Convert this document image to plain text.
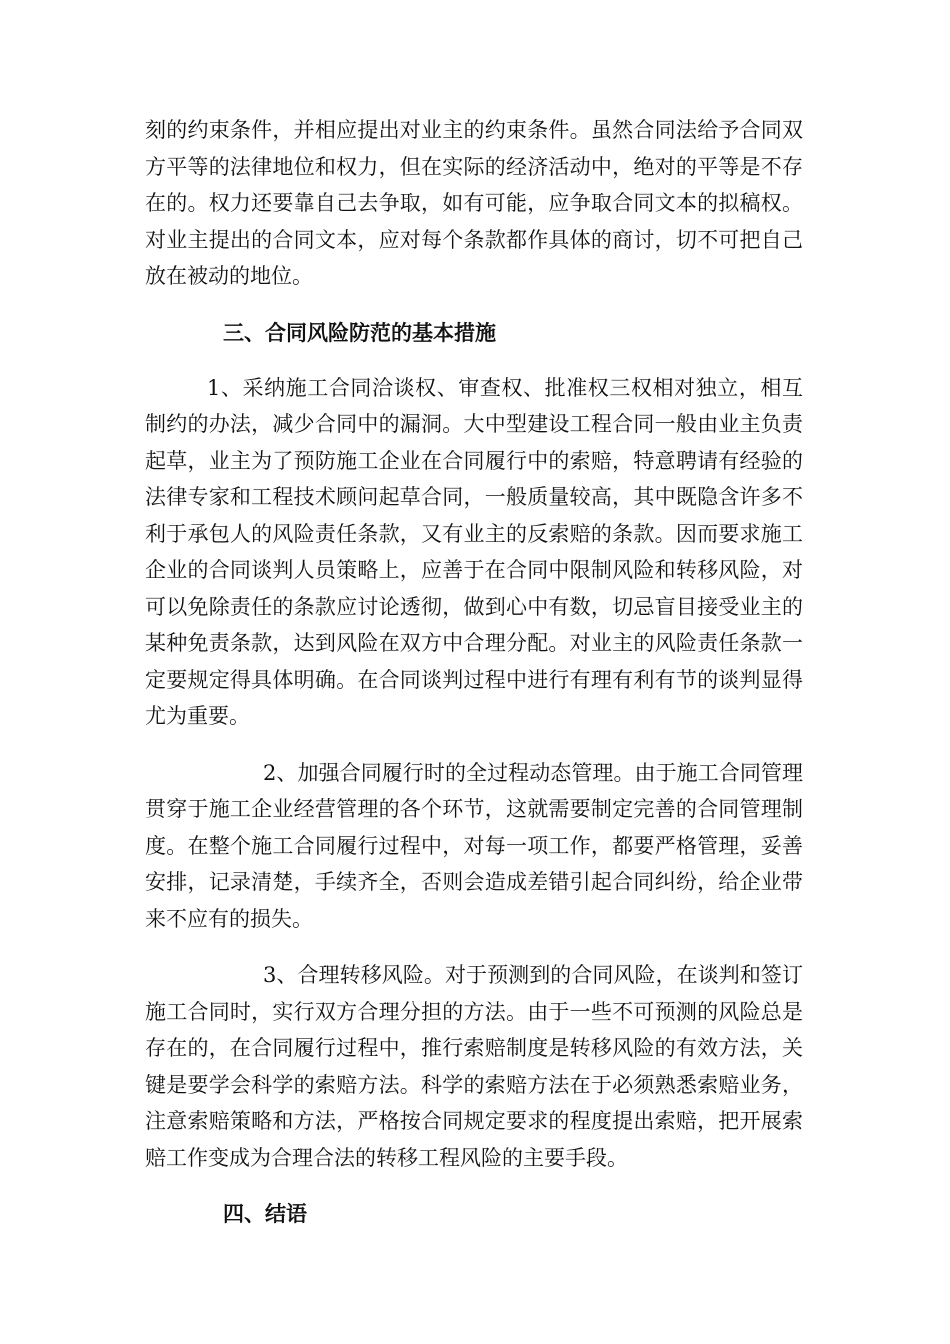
刻的约束条件，并相应提出对业主的约束条件。虽然合同法给予合同双方平等的法律地位和权力，但在实际的经济活动中，绝对的平等是不存在的。权力还要靠自己去争取，如有可能，应争取合同文本的拟稿权。对业主提出的合同文本，应对每个条款都作具体的商讨，切不可把自己放在被动的地位。

三、合同风险防范的基本措施

1、采纳施工合同洽谈权、审查权、批准权三权相对独立，相互制约的办法，减少合同中的漏洞。大中型建设工程合同一般由业主负责起草，业主为了预防施工企业在合同履行中的索赔，特意聘请有经验的法律专家和工程技术顾问起草合同，一般质量较高，其中既隐含许多不利于承包人的风险责任条款，又有业主的反索赔的条款。因而要求施工企业的合同谈判人员策略上，应善于在合同中限制风险和转移风险，对可以免除责任的条款应讨论透彻，做到心中有数，切忌盲目接受业主的某种免责条款，达到风险在双方中合理分配。对业主的风险责任条款一定要规定得具体明确。在合同谈判过程中进行有理有利有节的谈判显得尤为重要。

2、加强合同履行时的全过程动态管理。由于施工合同管理贯穿于施工企业经营管理的各个环节，这就需要制定完善的合同管理制度。在整个施工合同履行过程中，对每一项工作，都要严格管理，妥善安排，记录清楚，手续齐全，否则会造成差错引起合同纠纷，给企业带来不应有的损失。

3、合理转移风险。对于预测到的合同风险，在谈判和签订施工合同时，实行双方合理分担的方法。由于一些不可预测的风险总是存在的，在合同履行过程中，推行索赔制度是转移风险的有效方法，关键是要学会科学的索赔方法。科学的索赔方法在于必须熟悉索赔业务，注意索赔策略和方法，严格按合同规定要求的程度提出索赔，把开展索赔工作变成为合理合法的转移工程风险的主要手段。

四、结语
